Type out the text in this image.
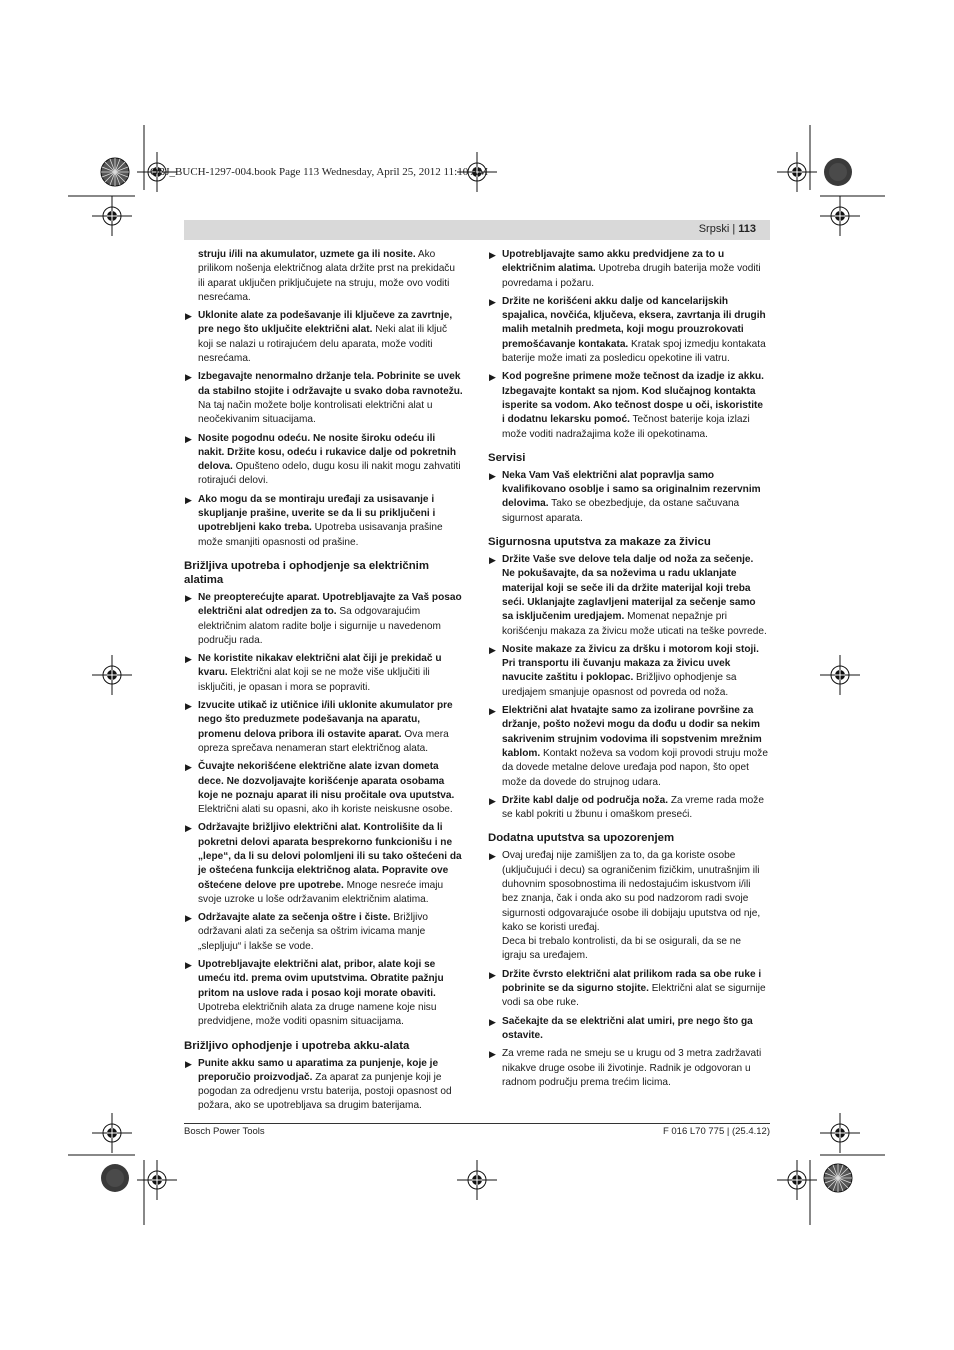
OBJ_BUCH-1297-004.book Page 113 Wednesday, April 25, 2012 11:10 AM
Srpski | 113
struju i/ili na akumulator, uzmete ga ili nosite. Ako prilikom nošenja električnog alata držite prst na prekidaču ili aparat uključen priključujete na struju, može ovo voditi nesrećama.
▶ Uklonite alate za podešavanje ili ključeve za zavrtnje, pre nego što uključite električni alat. Neki alat ili ključ koji se nalazi u rotirajućem delu aparata, može voditi nesrećama.
▶ Izbegavajte nenormalno držanje tela. Pobrinite se uvek da stabilno stojite i održavajte u svako doba ravnotežu. Na taj način možete bolje kontrolisati električni alat u neočekivanim situacijama.
▶ Nosite pogodnu odeću. Ne nosite široku odeću ili nakit. Držite kosu, odeću i rukavice dalje od pokretnih delova. Opušteno odelo, dugu kosu ili nakit mogu zahvatiti rotirajući delovi.
▶ Ako mogu da se montiraju uređaji za usisavanje i skupljanje prašine, uverite se da li su priključeni i upotrebljeni kako treba. Upotreba usisavanja prašine može smanjiti opasnosti od prašine.
Brižljiva upotreba i ophodjenje sa električnim alatima
▶ Ne preopterećujte aparat. Upotrebljavajte za Vaš posao električni alat odredjen za to. Sa odgovarajućim električnim alatom radite bolje i sigurnije u navedenom području rada.
▶ Ne koristite nikakav električni alat čiji je prekidač u kvaru. Električni alat koji se ne može više uključiti ili isključiti, je opasan i mora se popraviti.
▶ Izvucite utikač iz utičnice i/ili uklonite akumulator pre nego što preduzmete podešavanja na aparatu, promenu delova pribora ili ostavite aparat. Ova mera opreza sprečava nenameran start električnog alata.
▶ Čuvajte nekorišćene električne alate izvan dometa dece. Ne dozvoljavajte korišćenje aparata osobama koje ne poznaju aparat ili nisu pročitale ova uputstva. Električni alati su opasni, ako ih koriste neiskusne osobe.
▶ Održavajte brižljivo električni alat. Kontrolišite da li pokretni delovi aparata besprekorno funkcionišu i ne „lepe“, da li su delovi polomljeni ili su tako oštećeni da je oštećena funkcija električnog alata. Popravite ove oštećene delove pre upotrebe. Mnoge nesreće imaju svoje uzroke u loše održavanim električnim alatima.
▶ Održavajte alate za sečenja oštre i čiste. Brižljivo održavani alati za sečenja sa oštrim ivicama manje „slepljuju“ i lakše se vode.
▶ Upotrebljavajte električni alat, pribor, alate koji se umeću itd. prema ovim uputstvima. Obratite pažnju pritom na uslove rada i posao koji morate obaviti. Upotreba električnih alata za druge namene koje nisu predvidjene, može voditi opasnim situacijama.
Brižljivo ophodjenje i upotreba akku-alata
▶ Punite akku samo u aparatima za punjenje, koje je preporučio proizvodjač. Za aparat za punjenje koji je pogodan za odredjenu vrstu baterija, postoji opasnost od požara, ako se upotrebljava sa drugim baterijama.
▶ Upotrebljavajte samo akku predvidjene za to u električnim alatima. Upotreba drugih baterija može voditi povredama i požaru.
▶ Držite ne korišćeni akku dalje od kancelarijskih spajalica, novčića, ključeva, eksera, zavrtanja ili drugih malih metalnih predmeta, koji mogu prouzrokovati premošćavanje kontakata. Kratak spoj izmedju kontakata baterije može imati za posledicu opekotine ili vatru.
▶ Kod pogrešne primene može tečnost da izadje iz akku. Izbegavajte kontakt sa njom. Kod slučajnog kontakta isperite sa vodom. Ako tečnost dospe u oči, iskoristite i dodatnu lekarsku pomoć. Tečnost baterije koja izlazi može voditi nadražajima kože ili opekotinama.
Servisi
▶ Neka Vam Vaš električni alat popravlja samo kvalifikovano osoblje i samo sa originalnim rezervnim delovima. Tako se obezbedjuje, da ostane sačuvana sigurnost aparata.
Sigurnosna uputstva za makaze za živicu
▶ Držite Vaše sve delove tela dalje od noža za sečenje. Ne pokušavajte, da sa noževima u radu uklanjate materijal koji se seče ili da držite materijal koji treba seći. Uklanjajte zaglavljeni materijal za sečenje samo sa isključenim uredjajem. Momenat nepažnje pri korišćenju makaza za živicu može uticati na teške povrede.
▶ Nosite makaze za živicu za dršku i motorom koji stoji. Pri transportu ili čuvanju makaza za živicu uvek navucite zaštitu i poklopac. Brižljivo ophodjenje sa uredjajem smanjuje opasnost od povreda od noža.
▶ Električni alat hvatajte samo za izolirane površine za držanje, pošto noževi mogu da dođu u dodir sa nekim sakrivenim strujnim vodovima ili sopstvenim mrežnim kablom. Kontakt noževa sa vodom koji provodi struju može da dovede metalne delove uređaja pod napon, što opet može da dovede do strujnog udara.
▶ Držite kabl dalje od područja noža. Za vreme rada može se kabl pokriti u žbunu i omaškom preseći.
Dodatna uputstva sa upozorenjem
▶ Ovaj uređaj nije zamišljen za to, da ga koriste osobe (uključujući i decu) sa ograničenim fizičkim, unutrašnjim ili duhovnim sposobnostima ili nedostajućim iskustvom i/ili bez znanja, čak i onda ako su pod nadzorom radi svoje sigurnosti odgovarajuće osobe ili dobijaju uputstva od nje, kako se koristi uređaj.
Deca bi trebalo kontrolisti, da bi se osigurali, da se ne igraju sa uređajem.
▶ Držite čvrsto električni alat prilikom rada sa obe ruke i pobrinite se da sigurno stojite. Električni alat se sigurnije vodi sa obe ruke.
▶ Sačekajte da se električni alat umiri, pre nego što ga ostavite.
▶ Za vreme rada ne smeju se u krugu od 3 metra zadržavati nikakve druge osobe ili životinje. Radnik je odgovoran u radnom području prema trećim licima.
Bosch Power Tools	F 016 L70 775 | (25.4.12)
